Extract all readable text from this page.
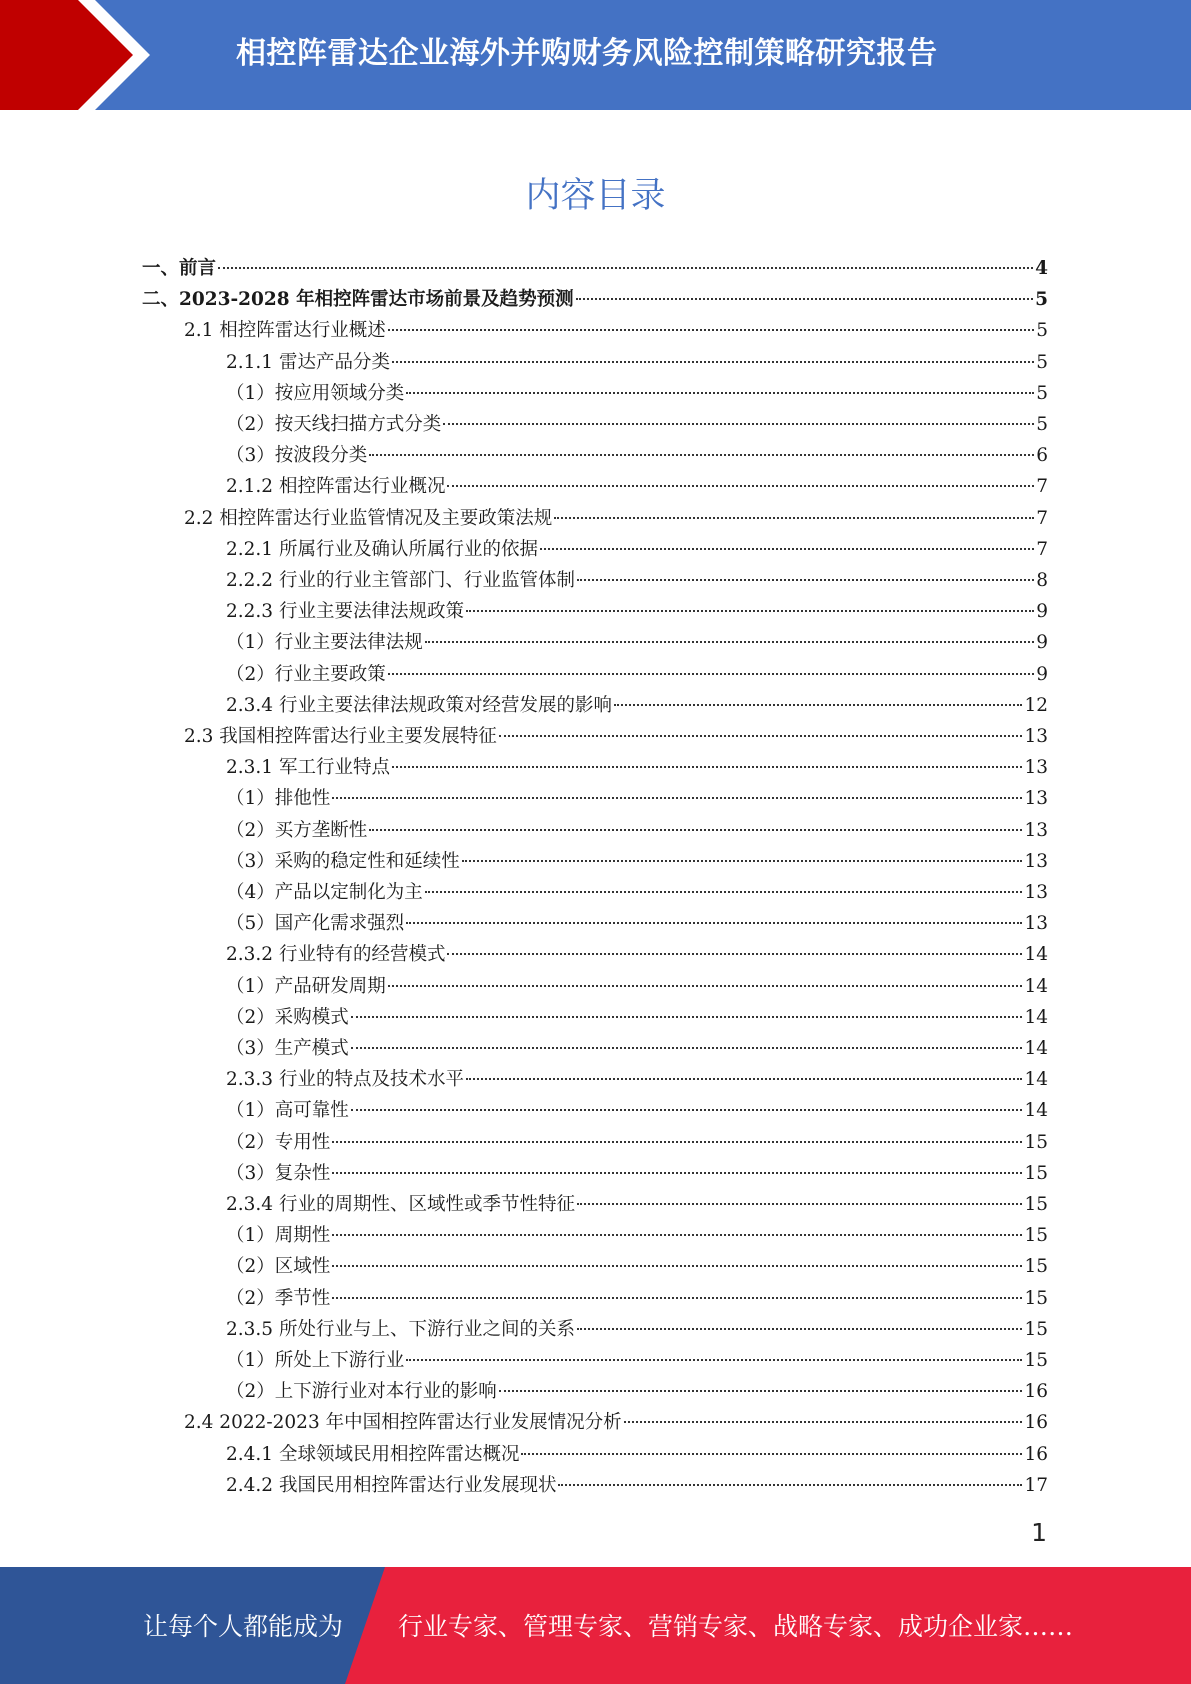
相控阵雷达企业海外并购财务风险控制策略研究报告
内容目录
一、前言	4
二、2023-2028 年相控阵雷达市场前景及趋势预测	5
2.1 相控阵雷达行业概述	5
2.1.1 雷达产品分类	5
（1）按应用领域分类	5
（2）按天线扫描方式分类	5
（3）按波段分类	6
2.1.2 相控阵雷达行业概况	7
2.2 相控阵雷达行业监管情况及主要政策法规	7
2.2.1 所属行业及确认所属行业的依据	7
2.2.2 行业的行业主管部门、行业监管体制	8
2.2.3 行业主要法律法规政策	9
（1）行业主要法律法规	9
（2）行业主要政策	9
2.3.4 行业主要法律法规政策对经营发展的影响	12
2.3 我国相控阵雷达行业主要发展特征	13
2.3.1 军工行业特点	13
（1）排他性	13
（2）买方垄断性	13
（3）采购的稳定性和延续性	13
（4）产品以定制化为主	13
（5）国产化需求强烈	13
2.3.2 行业特有的经营模式	14
（1）产品研发周期	14
（2）采购模式	14
（3）生产模式	14
2.3.3 行业的特点及技术水平	14
（1）高可靠性	14
（2）专用性	15
（3）复杂性	15
2.3.4 行业的周期性、区域性或季节性特征	15
（1）周期性	15
（2）区域性	15
（2）季节性	15
2.3.5 所处行业与上、下游行业之间的关系	15
（1）所处上下游行业	15
（2）上下游行业对本行业的影响	16
2.4 2022-2023 年中国相控阵雷达行业发展情况分析	16
2.4.1 全球领域民用相控阵雷达概况	16
2.4.2 我国民用相控阵雷达行业发展现状	17
1
让每个人都能成为 行业专家、管理专家、营销专家、战略专家、成功企业家……
